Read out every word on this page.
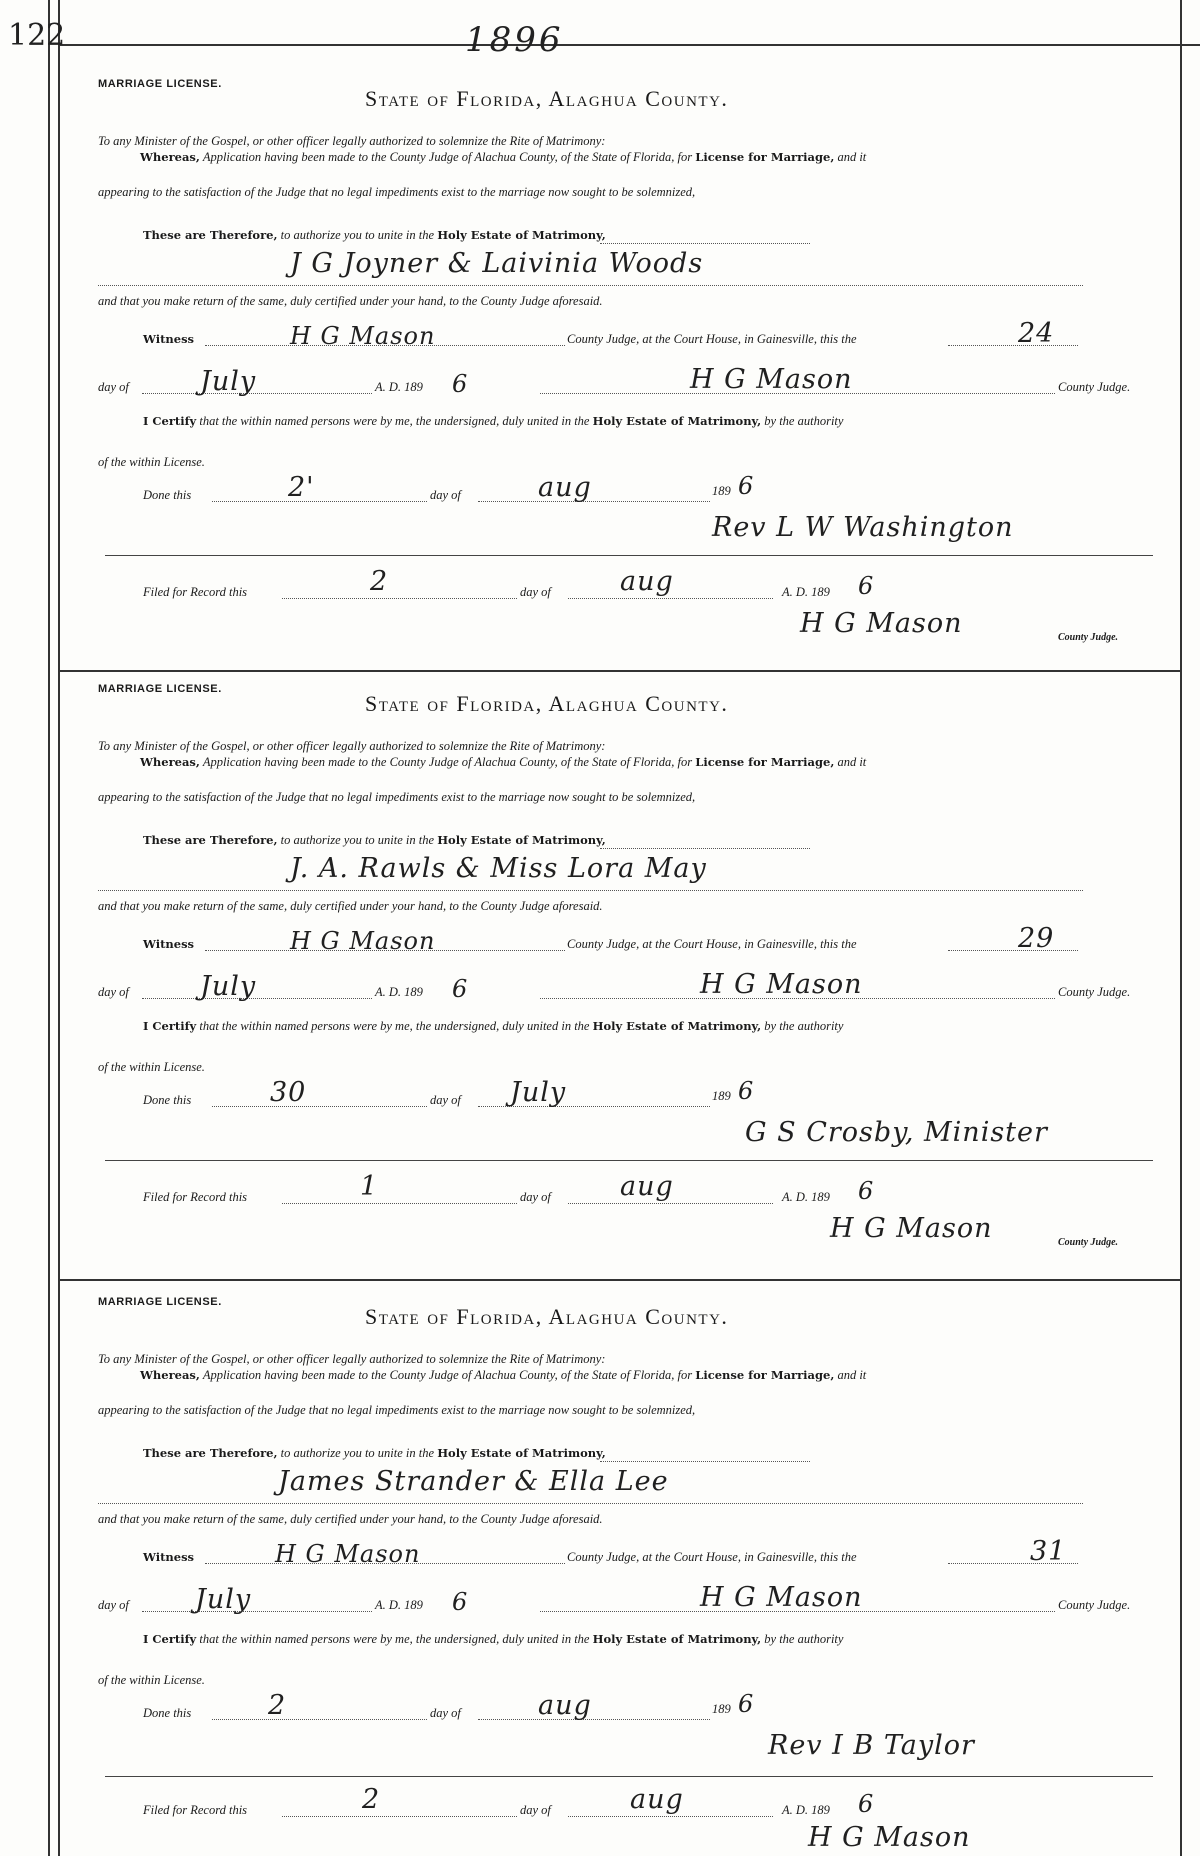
122	1896
MARRIAGE LICENSE.
State of Florida, Alaghua County.
To any Minister of the Gospel, or other officer legally authorized to solemnize the Rite of Matrimony:
Whereas, Application having been made to the County Judge of Alachua County, of the State of Florida, for License for Marriage, and it
appearing to the satisfaction of the Judge that no legal impediments exist to the marriage now sought to be solemnized,
These are Therefore, to authorize you to unite in the Holy Estate of Matrimony,
J G Joyner & Laivinia Woods
and that you make return of the same, duly certified under your hand, to the County Judge aforesaid.
Witness	H G Mason	County Judge, at the Court House, in Gainesville, this the	24
day of	July	A. D. 189 6	H G Mason	County Judge.
I Certify that the within named persons were by me, the undersigned, duly united in the Holy Estate of Matrimony, by the authority
of the within License.
Done this	2'	day of	aug	189 6
Rev L W Washington
Filed for Record this	2	day of	aug	A. D. 189 6
H G Mason	County Judge.
MARRIAGE LICENSE.
State of Florida, Alaghua County.
To any Minister of the Gospel, or other officer legally authorized to solemnize the Rite of Matrimony:
Whereas, Application having been made to the County Judge of Alachua County, of the State of Florida, for License for Marriage, and it
appearing to the satisfaction of the Judge that no legal impediments exist to the marriage now sought to be solemnized,
These are Therefore, to authorize you to unite in the Holy Estate of Matrimony,
J. A. Rawls & Miss Lora May
and that you make return of the same, duly certified under your hand, to the County Judge aforesaid.
Witness	H G Mason	County Judge, at the Court House, in Gainesville, this the	29
day of	July	A. D. 189 6	H G Mason	County Judge.
I Certify that the within named persons were by me, the undersigned, duly united in the Holy Estate of Matrimony, by the authority
of the within License.
Done this	30	day of July	189 6
G S Crosby, Minister
Filed for Record this	1	day of	aug	A. D. 189 6
H G Mason	County Judge.
MARRIAGE LICENSE.
State of Florida, Alaghua County.
To any Minister of the Gospel, or other officer legally authorized to solemnize the Rite of Matrimony:
Whereas, Application having been made to the County Judge of Alachua County, of the State of Florida, for License for Marriage, and it
appearing to the satisfaction of the Judge that no legal impediments exist to the marriage now sought to be solemnized,
These are Therefore, to authorize you to unite in the Holy Estate of Matrimony,
James Strander & Ella Lee
and that you make return of the same, duly certified under your hand, to the County Judge aforesaid.
Witness	H G Mason	County Judge, at the Court House, in Gainesville, this the	31
day of July	A. D. 189 6	H G Mason	County Judge.
I Certify that the within named persons were by me, the undersigned, duly united in the Holy Estate of Matrimony, by the authority
of the within License.
Done this	2	day of	aug	189 6
Rev I B Taylor
Filed for Record this	2	day of	aug	A. D. 189 6
H G Mason
